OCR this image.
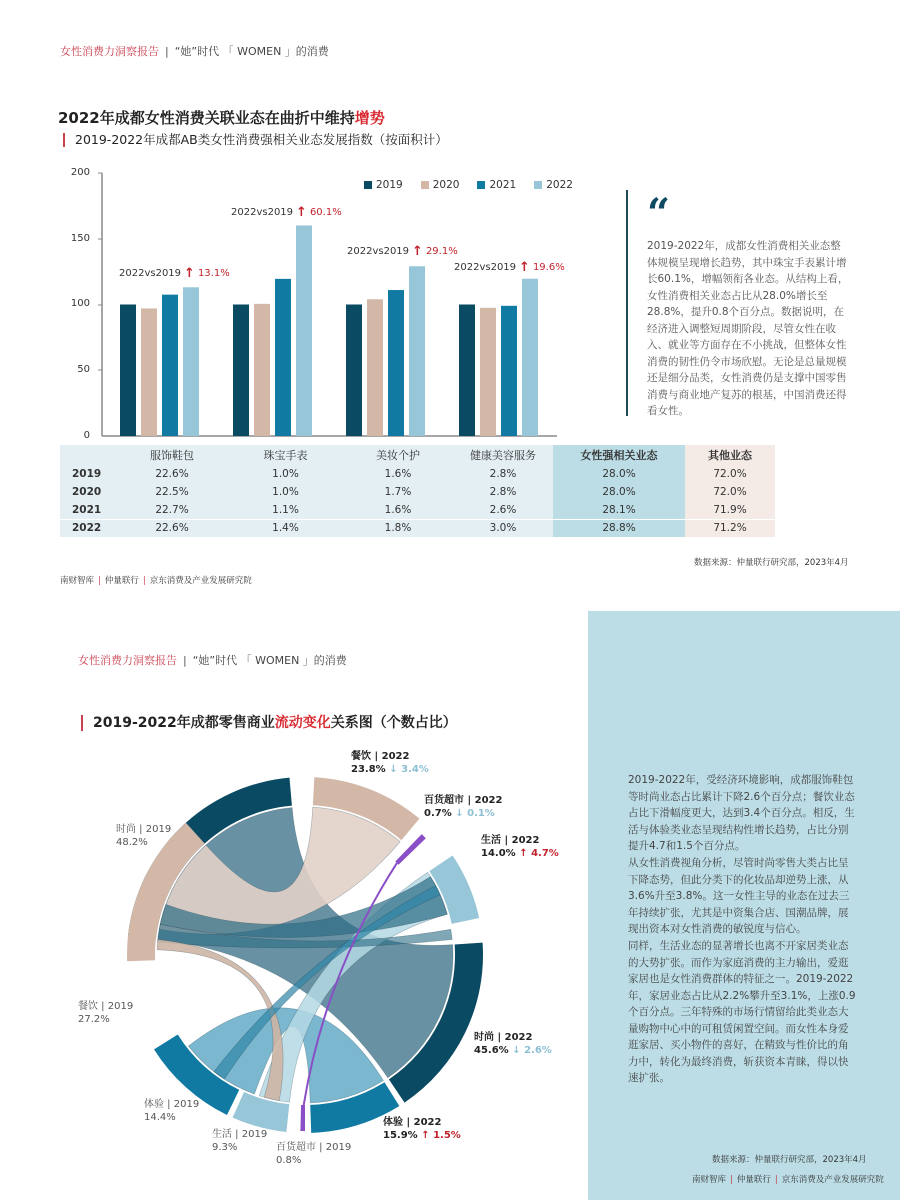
女性消费力洞察报告 | “她”时代 「 WOMEN 」的消费
2022年成都女性消费关联业态在曲折中维持增势
2019-2022年成都AB类女性消费强相关业态发展指数（按面积计）
200
150
100
50
0
2019	2020	2021	2022
2022vs2019 ↑ 13.1%
2022vs2019 ↑ 60.1%
2022vs2019 ↑ 29.1%
2022vs2019 ↑ 19.6%
“
2019-2022年，成都女性消费相关业态整体规模呈现增长趋势，其中珠宝手表累计增长60.1%，增幅领衔各业态。从结构上看，女性消费相关业态占比从28.0%增长至28.8%，提升0.8个百分点。数据说明，在经济进入调整短周期阶段，尽管女性在收入、就业等方面存在不小挑战，但整体女性消费的韧性仍令市场欣慰。无论是总量规模还是细分品类，女性消费仍是支撑中国零售消费与商业地产复苏的根基，中国消费还得看女性。
	服饰鞋包	珠宝手表	美妆个护	健康美容服务	女性强相关业态	其他业态
2019	22.6%	1.0%	1.6%	2.8%	28.0%	72.0%
2020	22.5%	1.0%	1.7%	2.8%	28.0%	72.0%
2021	22.7%	1.1%	1.6%	2.6%	28.1%	71.9%
2022	22.6%	1.4%	1.8%	3.0%	28.8%	71.2%
数据来源：仲量联行研究部，2023年4月
南财智库 | 仲量联行 | 京东消费及产业发展研究院
女性消费力洞察报告 | “她”时代 「 WOMEN 」的消费
2019-2022年成都零售商业流动变化关系图（个数占比）
时尚 | 2019
48.2%
餐饮 | 2019
27.2%
体验 | 2019
14.4%
生活 | 2019
9.3%	百货超市 | 2019
0.8%
餐饮 | 2022
23.8% ↓ 3.4%
百货超市 | 2022
0.7% ↓ 0.1%
生活 | 2022
14.0% ↑ 4.7%
时尚 | 2022
45.6% ↓ 2.6%
体验 | 2022
15.9% ↑ 1.5%
2019-2022年，受经济环境影响，成都服饰鞋包等时尚业态占比累计下降2.6个百分点；餐饮业态占比下滑幅度更大，达到3.4个百分点。相反，生活与体验类业态呈现结构性增长趋势，占比分别提升4.7和1.5个百分点。
从女性消费视角分析，尽管时尚零售大类占比呈下降态势，但此分类下的化妆品却逆势上涨，从3.6%升至3.8%。这一女性主导的业态在过去三年持续扩张，尤其是中资集合店、国潮品牌，展现出资本对女性消费的敏锐度与信心。
同样，生活业态的显著增长也离不开家居类业态的大势扩张。而作为家庭消费的主力输出，爱逛家居也是女性消费群体的特征之一。2019-2022年，家居业态占比从2.2%攀升至3.1%，上涨0.9个百分点。三年特殊的市场行情留给此类业态大量购物中心中的可租赁闲置空间。而女性本身爱逛家居、买小物件的喜好，在精致与性价比的角力中，转化为最终消费，斩获资本青睐，得以快速扩张。
数据来源：仲量联行研究部，2023年4月
南财智库 | 仲量联行 | 京东消费及产业发展研究院
